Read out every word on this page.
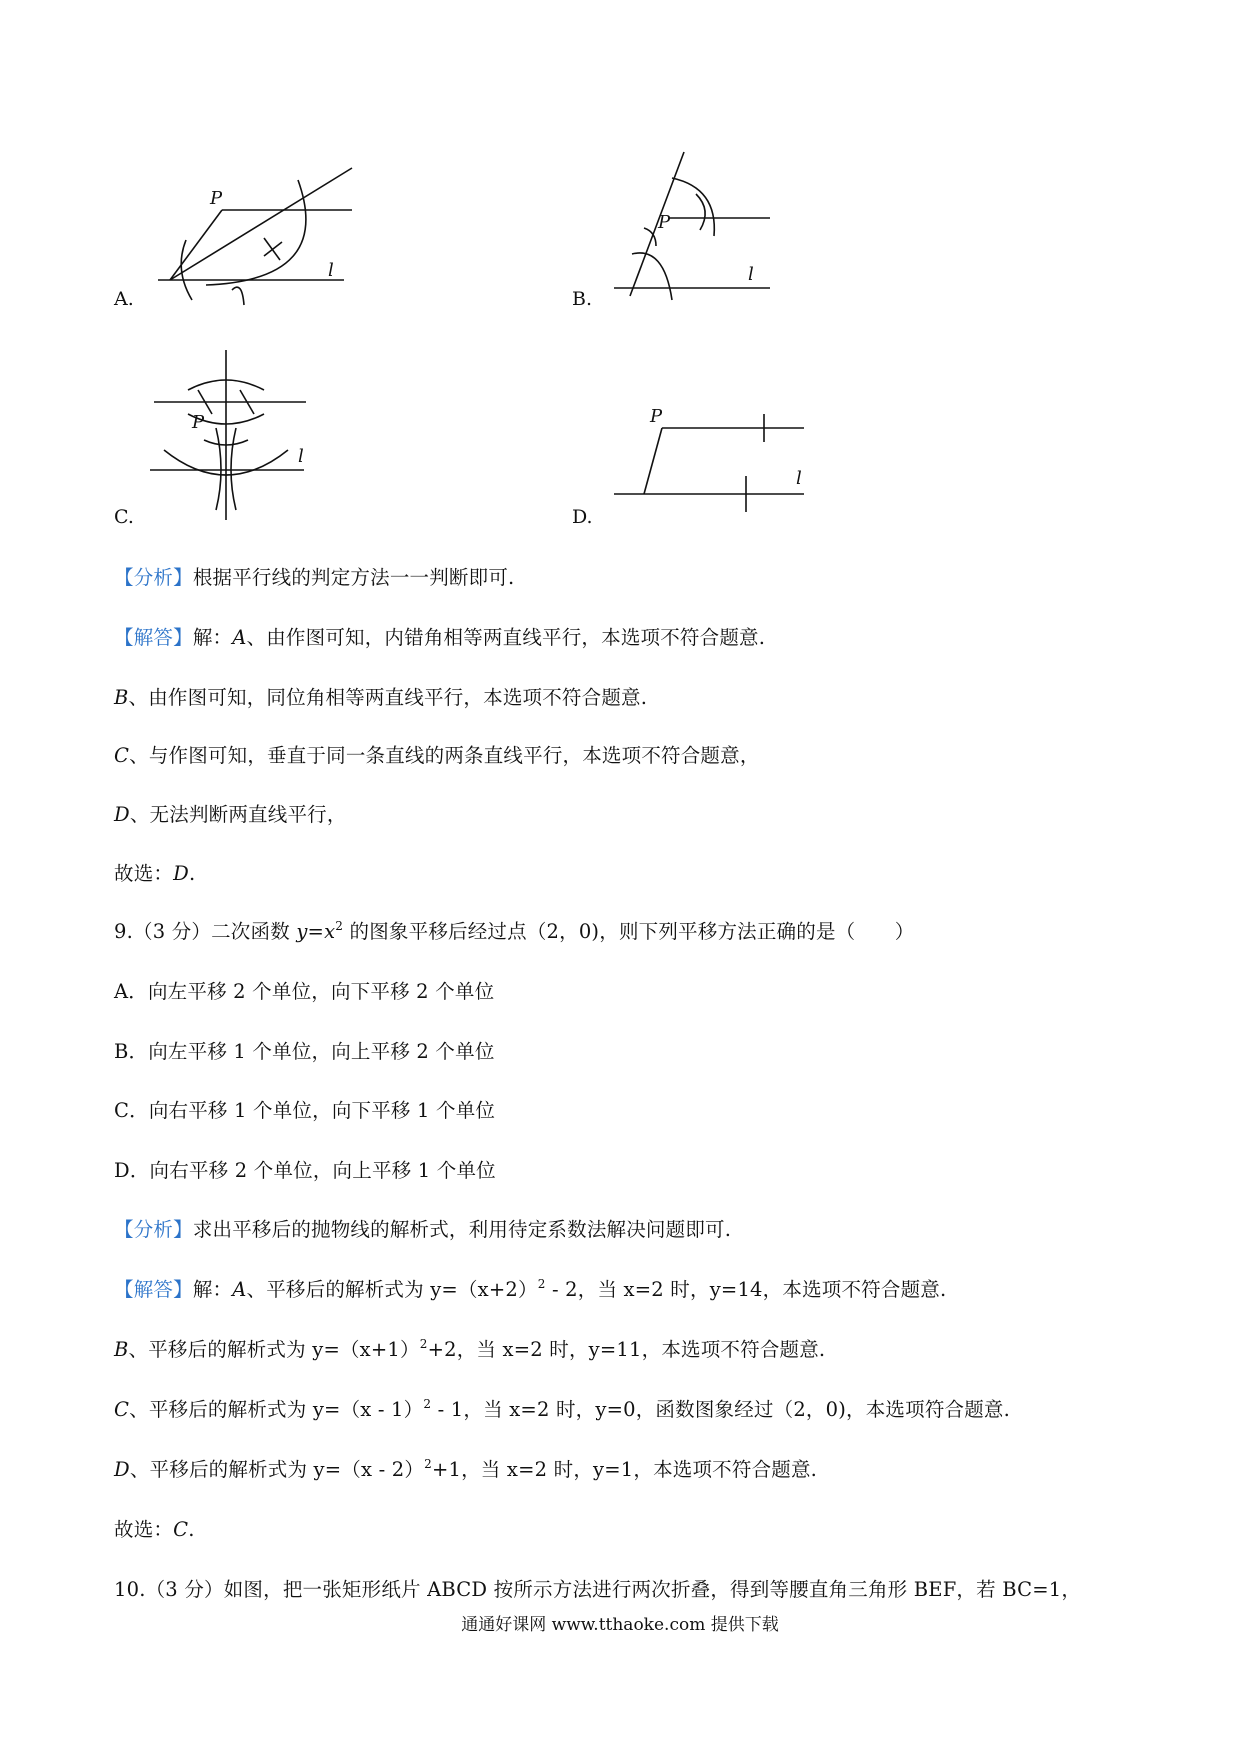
A.
P
l
B.
P
l
C.
P
l
D.
P
l
【分析】根据平行线的判定方法一一判断即可.
【解答】解：A、由作图可知，内错角相等两直线平行，本选项不符合题意.
B、由作图可知，同位角相等两直线平行，本选项不符合题意.
C、与作图可知，垂直于同一条直线的两条直线平行，本选项不符合题意，
D、无法判断两直线平行，
故选：D.
9.（3 分）二次函数 $y=x^2$ 的图象平移后经过点（2，0)，则下列平移方法正确的是（　　）
A．向左平移 2 个单位，向下平移 2 个单位
B．向左平移 1 个单位，向上平移 2 个单位
C．向右平移 1 个单位，向下平移 1 个单位
D．向右平移 2 个单位，向上平移 1 个单位
【分析】求出平移后的抛物线的解析式，利用待定系数法解决问题即可.
【解答】解：A、平移后的解析式为 $y=(x+2)^2 - 2$，当 x=2 时，y=14，本选项不符合题意.
B、平移后的解析式为 $y=(x+1)^2+2$，当 x=2 时，y=11，本选项不符合题意.
C、平移后的解析式为 y=（x - 1）$^2$ - 1，当 x=2 时，y=0，函数图象经过（2，0)，本选项符合题意.
D、平移后的解析式为 y=（x - 2）$^2$+1，当 x=2 时，y=1，本选项不符合题意.
故选：C.
10.（3 分）如图，把一张矩形纸片 ABCD 按所示方法进行两次折叠，得到等腰直角三角形 BEF，若 BC=1，
通通好课网 www.tthaoke.com 提供下载
